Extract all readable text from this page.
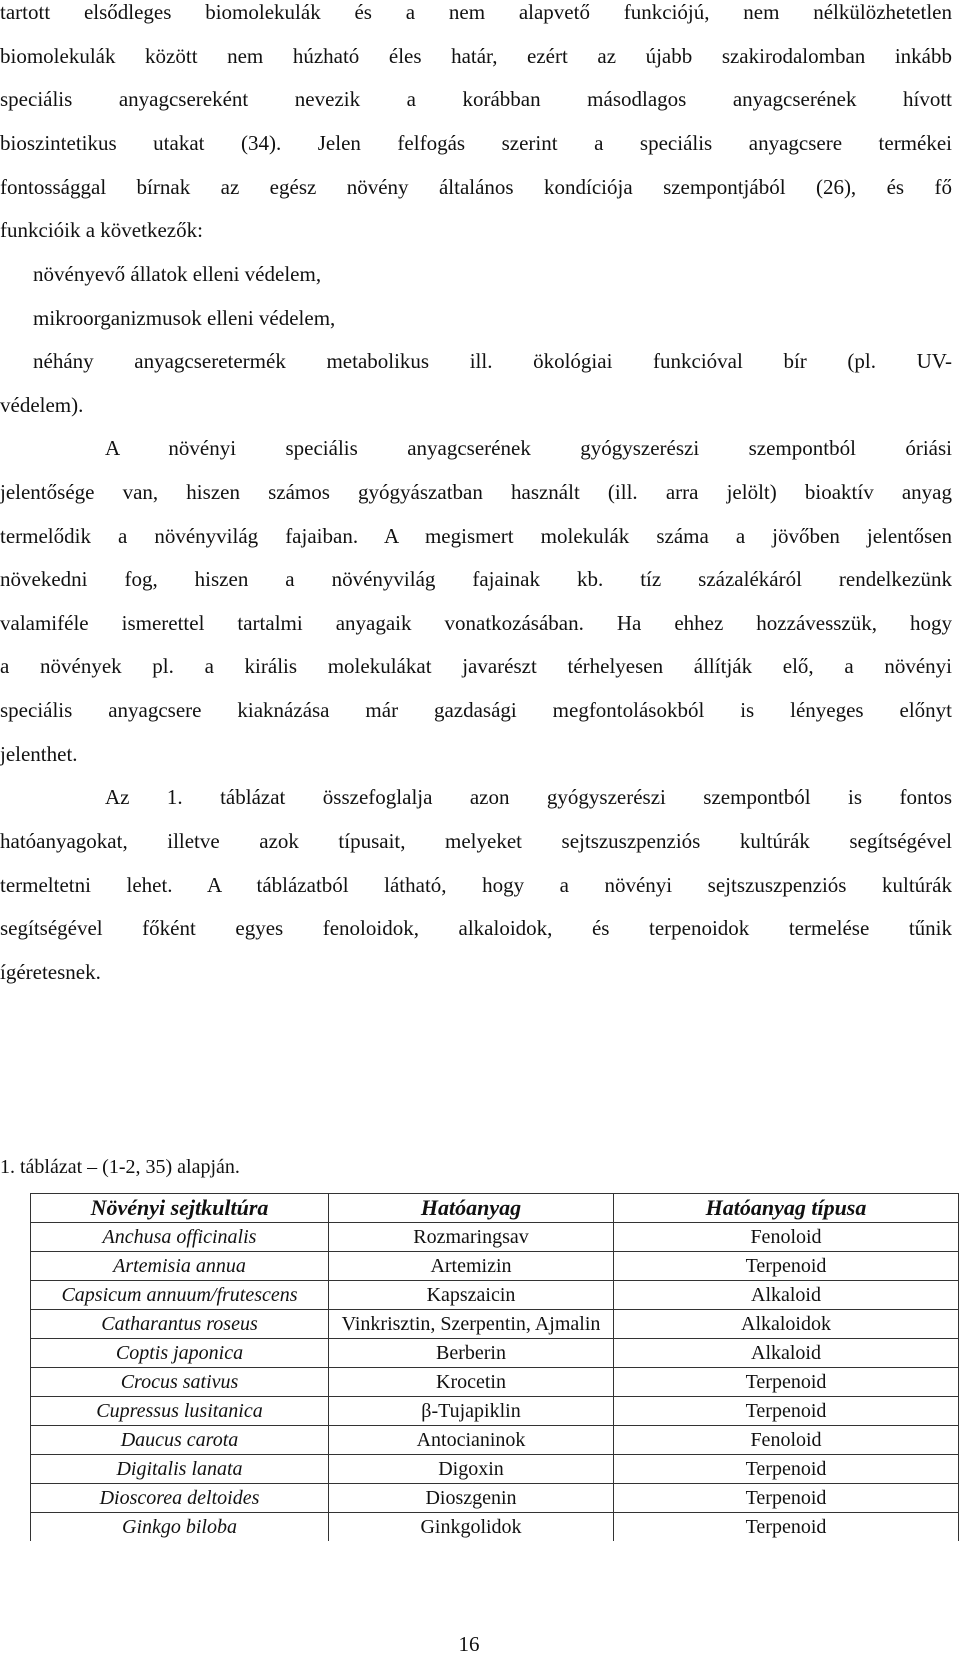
tartott elsődleges biomolekulák és a nem alapvető funkciójú, nem nélkülözhetetlen
biomolekulák között nem húzható éles határ, ezért az újabb szakirodalomban inkább
speciális anyagcsereként nevezik a korábban másodlagos anyagcserének hívott
bioszintetikus utakat (34). Jelen felfogás szerint a speciális anyagcsere termékei
fontossággal bírnak az egész növény általános kondíciója szempontjából (26), és fő
funkcióik a következők:
növényevő állatok elleni védelem,
mikroorganizmusok elleni védelem,
néhány anyagcseretermék metabolikus ill. ökológiai funkcióval bír (pl. UV-
védelem).
A növényi speciális anyagcserének gyógyszerészi szempontból óriási
jelentősége van, hiszen számos gyógyászatban használt (ill. arra jelölt) bioaktív anyag
termelődik a növényvilág fajaiban. A megismert molekulák száma a jövőben jelentősen
növekedni fog, hiszen a növényvilág fajainak kb. tíz százalékáról rendelkezünk
valamiféle ismerettel tartalmi anyagaik vonatkozásában. Ha ehhez hozzávesszük, hogy
a növények pl. a királis molekulákat javarészt térhelyesen állítják elő, a növényi
speciális anyagcsere kiaknázása már gazdasági megfontolásokból is lényeges előnyt
jelenthet.
Az 1. táblázat összefoglalja azon gyógyszerészi szempontból is fontos
hatóanyagokat, illetve azok típusait, melyeket sejtszuszpenziós kultúrák segítségével
termeltetni lehet. A táblázatból látható, hogy a növényi sejtszuszpenziós kultúrák
segítségével főként egyes fenoloidok, alkaloidok, és terpenoidok termelése tűnik
ígéretesnek.
1. táblázat – (1-2, 35) alapján.
Növényi sejtkultúra	Hatóanyag	Hatóanyag típusa
Anchusa officinalis	Rozmaringsav	Fenoloid
Artemisia annua	Artemizin	Terpenoid
Capsicum annuum/frutescens	Kapszaicin	Alkaloid
Catharantus roseus	Vinkrisztin, Szerpentin, Ajmalin	Alkaloidok
Coptis japonica	Berberin	Alkaloid
Crocus sativus	Krocetin	Terpenoid
Cupressus lusitanica	β-Tujapiklin	Terpenoid
Daucus carota	Antocianinok	Fenoloid
Digitalis lanata	Digoxin	Terpenoid
Dioscorea deltoides	Dioszgenin	Terpenoid
Ginkgo biloba	Ginkgolidok	Terpenoid
16
